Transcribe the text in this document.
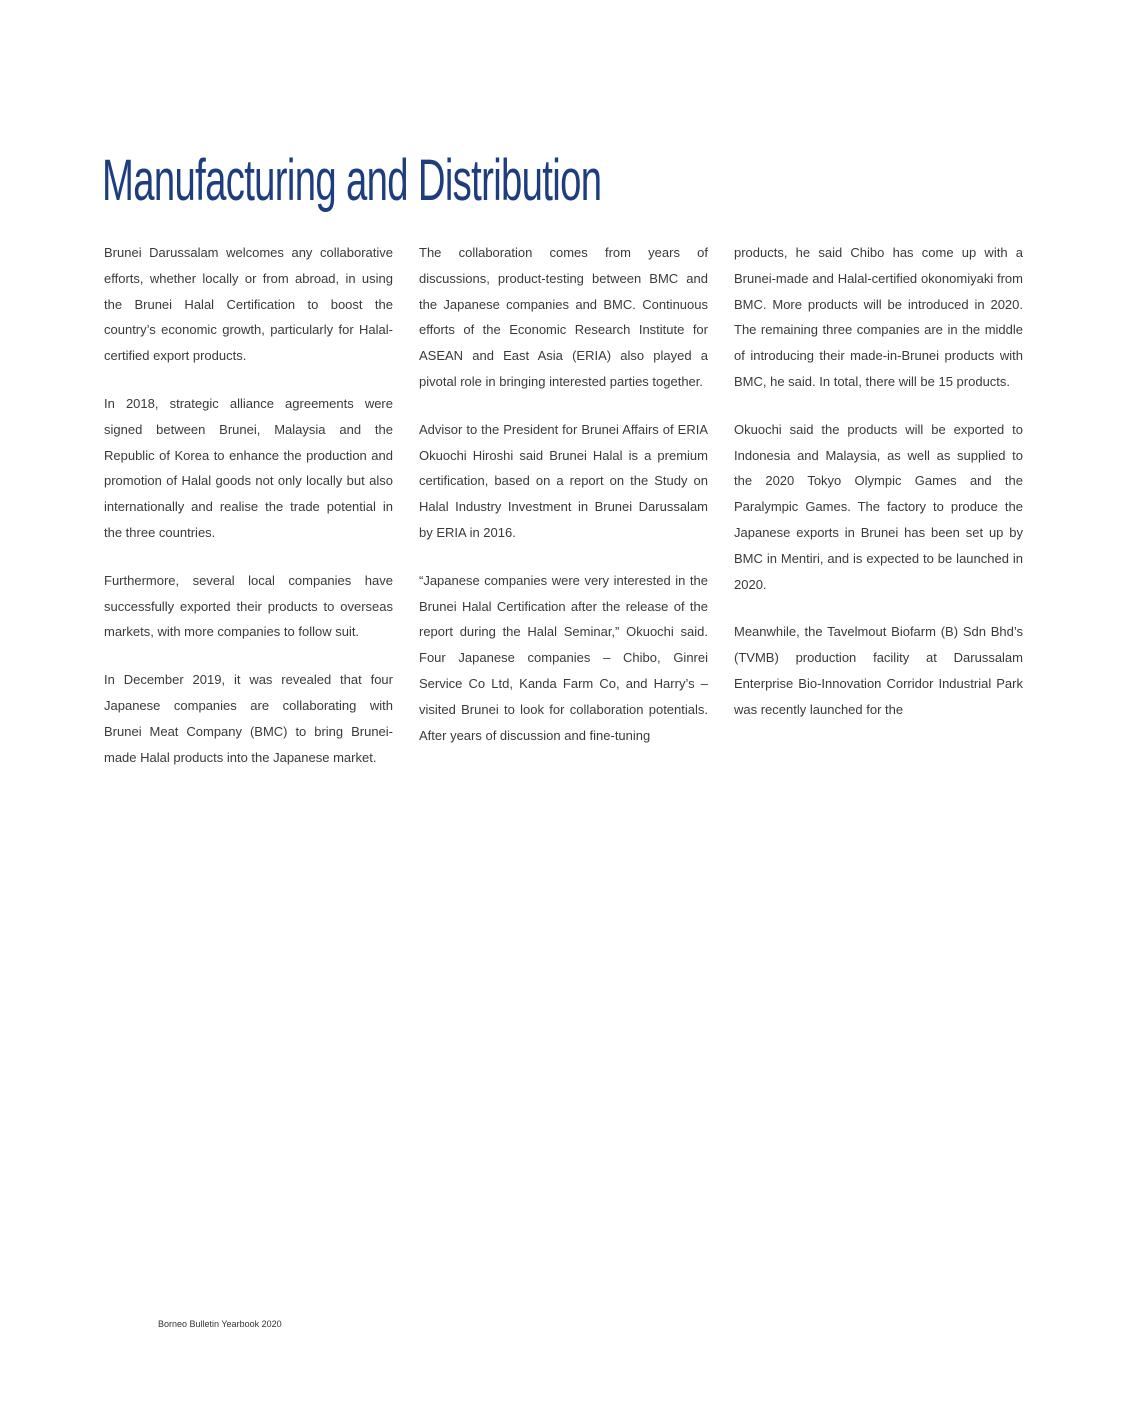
Manufacturing and Distribution

Brunei Darussalam welcomes any collaborative efforts, whether locally or from abroad, in using the Brunei Halal Certification to boost the country’s economic growth, particularly for Halal-certified export products.

In 2018, strategic alliance agreements were signed between Brunei, Malaysia and the Republic of Korea to enhance the production and promotion of Halal goods not only locally but also internationally and realise the trade potential in the three countries.

Furthermore, several local companies have successfully exported their products to overseas markets, with more companies to follow suit.

In December 2019, it was revealed that four Japanese companies are collaborating with Brunei Meat Company (BMC) to bring Brunei-made Halal products into the Japanese market.

The collaboration comes from years of discussions, product-testing between BMC and the Japanese companies and BMC. Continuous efforts of the Economic Research Institute for ASEAN and East Asia (ERIA) also played a pivotal role in bringing interested parties together.

Advisor to the President for Brunei Affairs of ERIA Okuochi Hiroshi said Brunei Halal is a premium certification, based on a report on the Study on Halal Industry Investment in Brunei Darussalam by ERIA in 2016.

“Japanese companies were very interested in the Brunei Halal Certification after the release of the report during the Halal Seminar,” Okuochi said. Four Japanese companies – Chibo, Ginrei Service Co Ltd, Kanda Farm Co, and Harry’s – visited Brunei to look for collaboration potentials. After years of discussion and fine-tuning

products, he said Chibo has come up with a Brunei-made and Halal-certified okonomiyaki from BMC. More products will be introduced in 2020. The remaining three companies are in the middle of introducing their made-in-Brunei products with BMC, he said. In total, there will be 15 products.

Okuochi said the products will be exported to Indonesia and Malaysia, as well as supplied to the 2020 Tokyo Olympic Games and the Paralympic Games. The factory to produce the Japanese exports in Brunei has been set up by BMC in Mentiri, and is expected to be launched in 2020.

Meanwhile, the Tavelmout Biofarm (B) Sdn Bhd’s (TVMB) production facility at Darussalam Enterprise Bio-Innovation Corridor Industrial Park was recently launched for the

Borneo Bulletin Yearbook 2020
